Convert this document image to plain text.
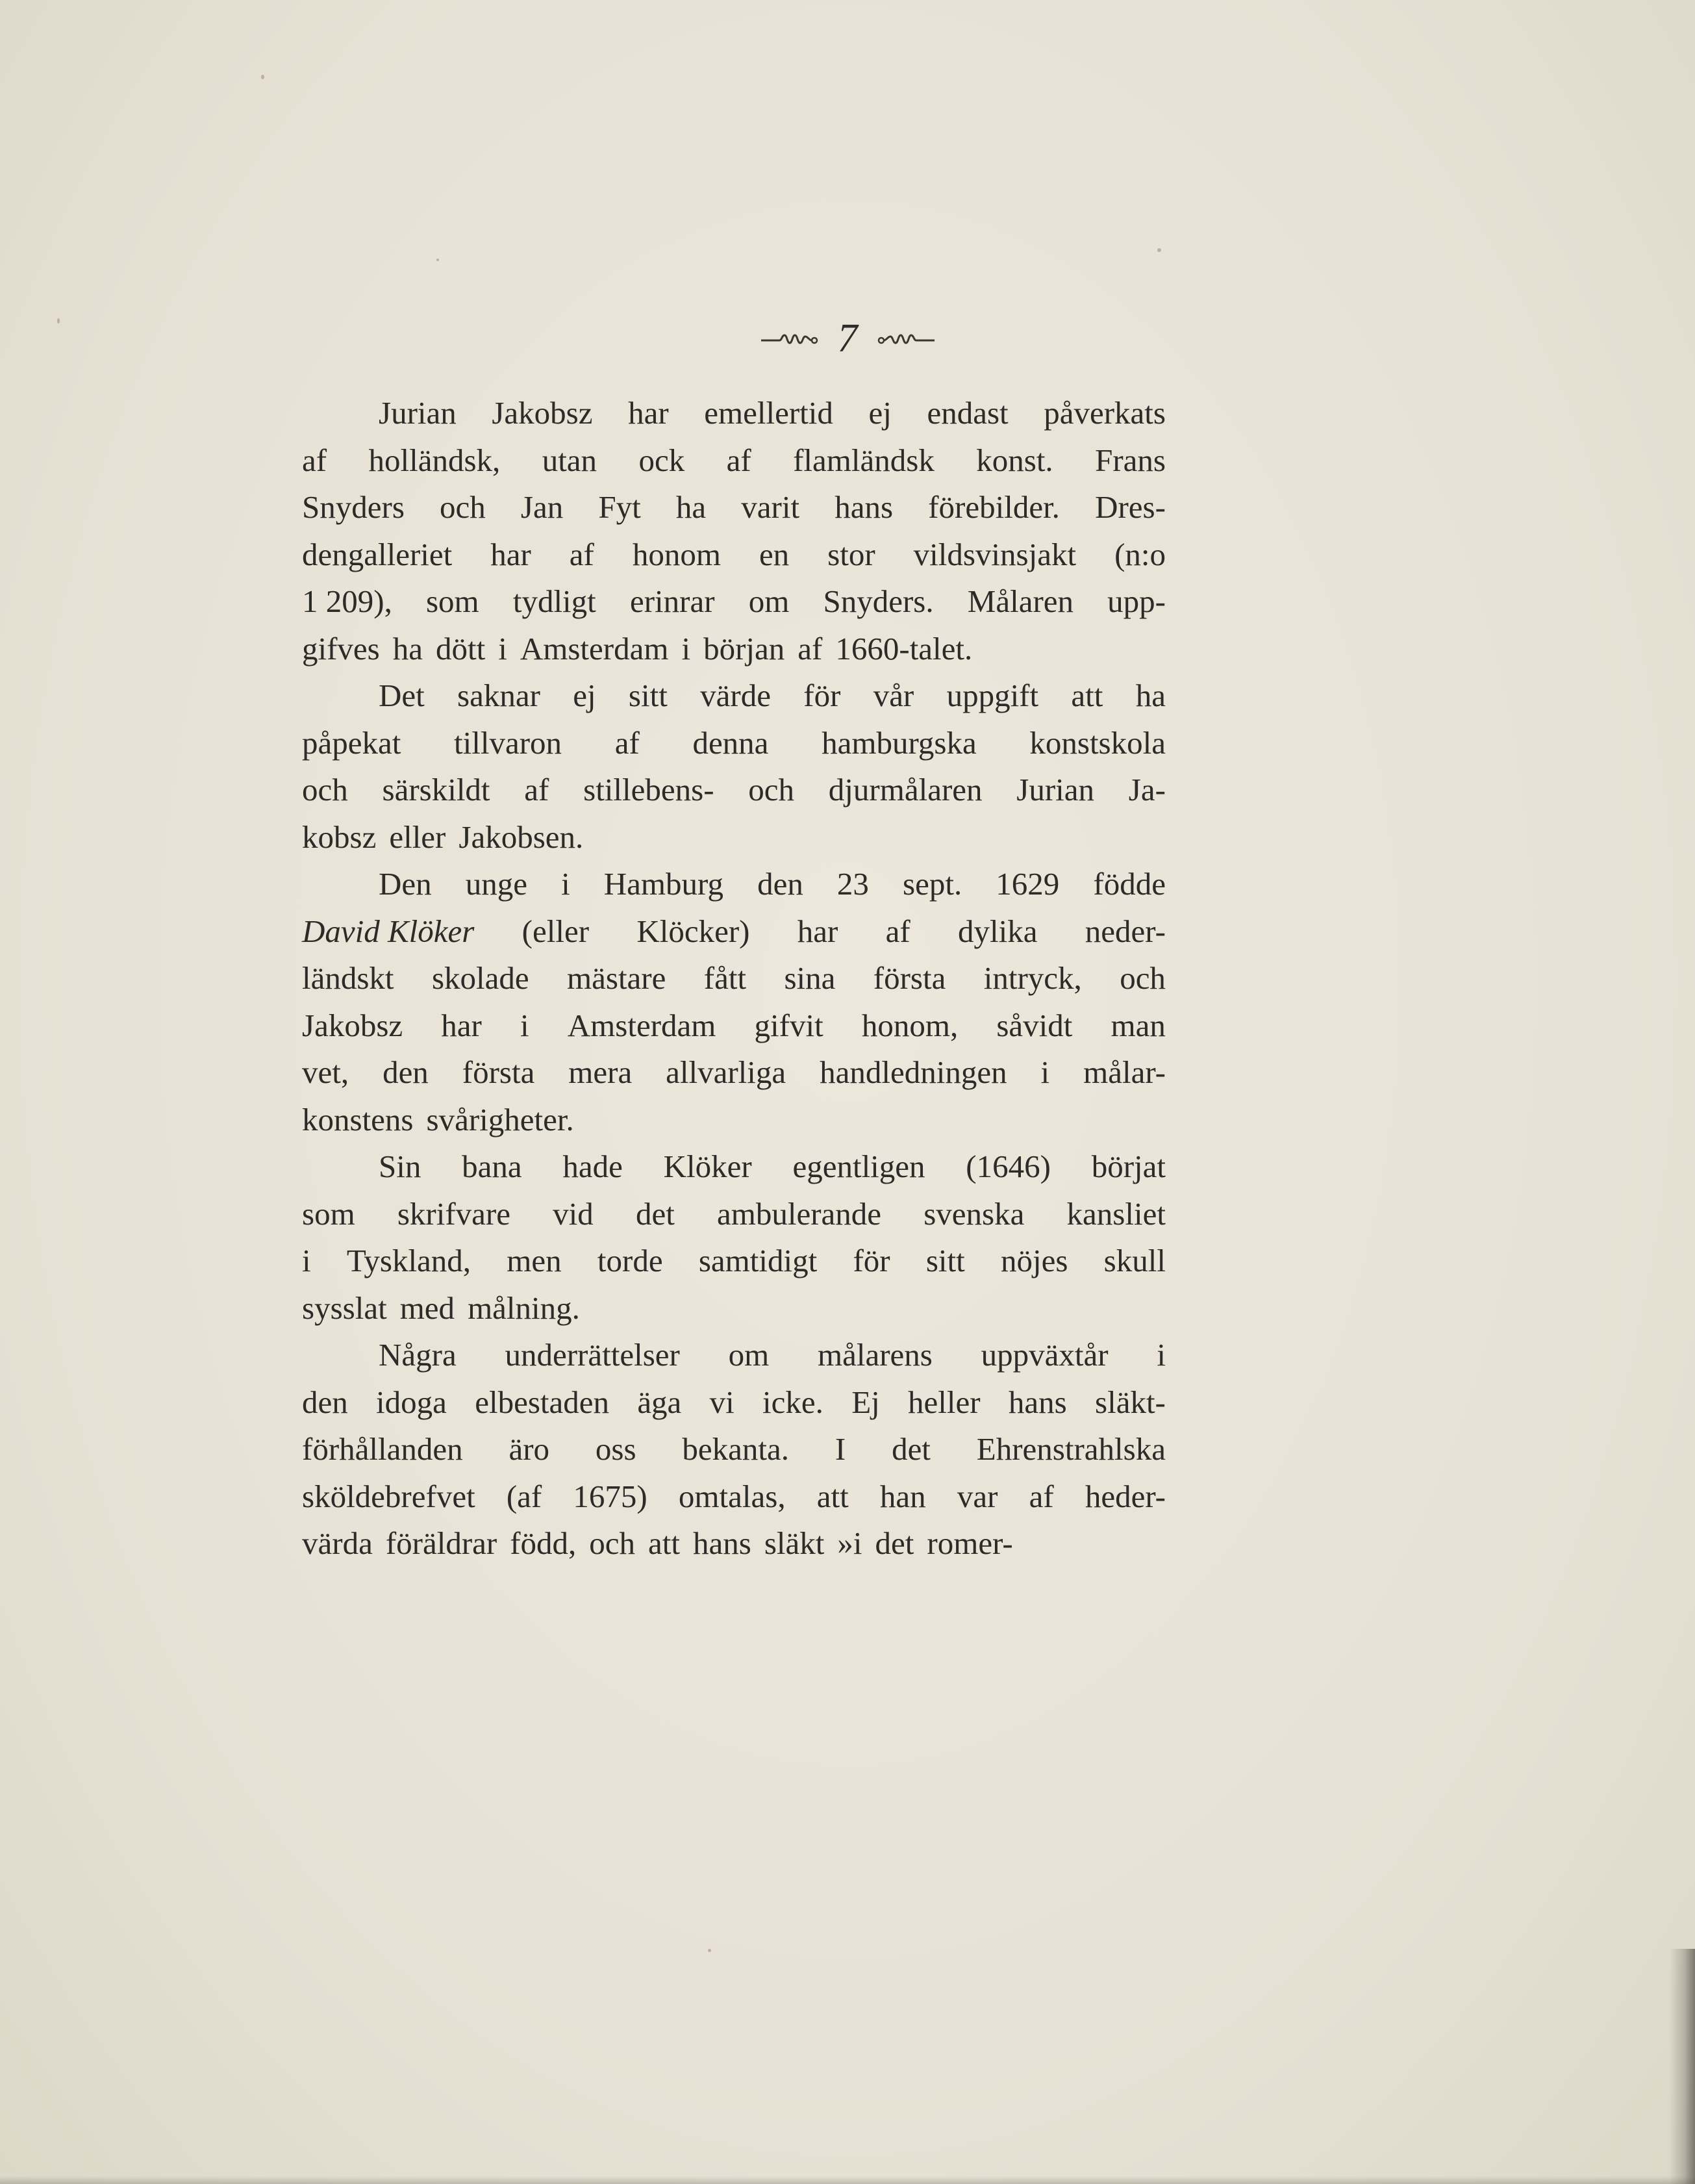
7
Jurian Jakobsz har emellertid ej endast påverkats
af holländsk, utan ock af flamländsk konst. Frans
Snyders och Jan Fyt ha varit hans förebilder. Dres-
dengalleriet har af honom en stor vildsvinsjakt (n:o
1 209), som tydligt erinrar om Snyders. Målaren upp-
gifves ha dött i Amsterdam i början af 1660-talet.
Det saknar ej sitt värde för vår uppgift att ha
påpekat tillvaron af denna hamburgska konstskola
och särskildt af stillebens- och djurmålaren Jurian Ja-
kobsz eller Jakobsen.
Den unge i Hamburg den 23 sept. 1629 födde
David Klöker (eller Klöcker) har af dylika neder-
ländskt skolade mästare fått sina första intryck, och
Jakobsz har i Amsterdam gifvit honom, såvidt man
vet, den första mera allvarliga handledningen i målar-
konstens svårigheter.
Sin bana hade Klöker egentligen (1646) börjat
som skrifvare vid det ambulerande svenska kansliet
i Tyskland, men torde samtidigt för sitt nöjes skull
sysslat med målning.
Några underrättelser om målarens uppväxtår i
den idoga elbestaden äga vi icke. Ej heller hans släkt-
förhållanden äro oss bekanta. I det Ehrenstrahlska
sköldebrefvet (af 1675) omtalas, att han var af heder-
värda föräldrar född, och att hans släkt »i det romer-
